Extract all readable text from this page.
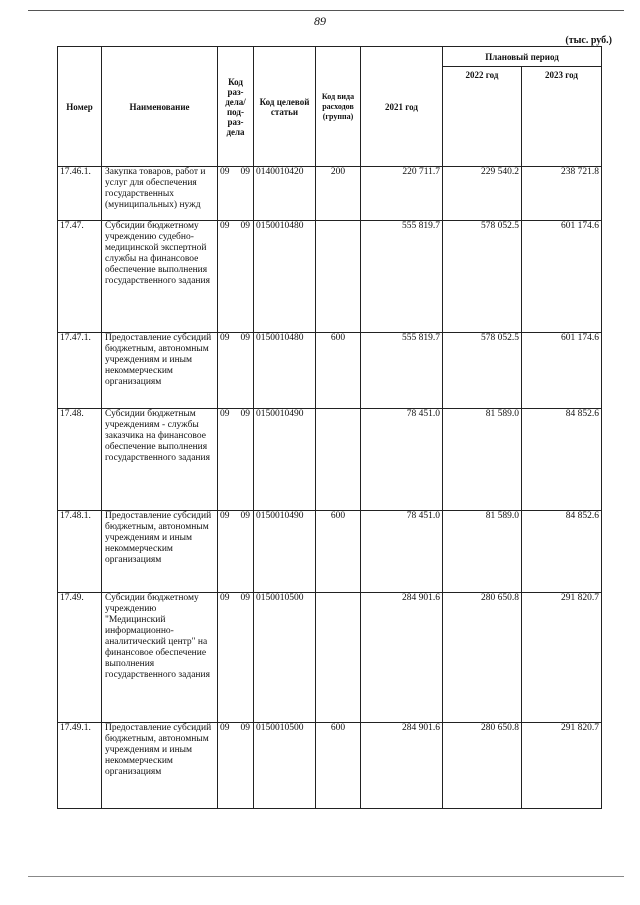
89
(тыс. руб.)
Номер	Наименование	Код раз-дела/ под-раз-дела	Код целевой статьи	Код вида расходов (группа)	2021 год	Плановый период	
						2022 год	2023 год
17.46.1.	Закупка товаров, работ и услуг для обеспечения государственных (муниципальных) нужд	09 09	0140010420	200	220 711.7	229 540.2	238 721.8
17.47.	Субсидии бюджетному учреждению судебно-медицинской экспертной службы на финансовое обеспечение выполнения государственного задания	09 09	0150010480		555 819.7	578 052.5	601 174.6
17.47.1.	Предоставление субсидий бюджетным, автономным учреждениям и иным некоммерческим организациям	09 09	0150010480	600	555 819.7	578 052.5	601 174.6
17.48.	Субсидии бюджетным учреждениям - службы заказчика на финансовое обеспечение выполнения государственного задания	09 09	0150010490		78 451.0	81 589.0	84 852.6
17.48.1.	Предоставление субсидий бюджетным, автономным учреждениям и иным некоммерческим организациям	09 09	0150010490	600	78 451.0	81 589.0	84 852.6
17.49.	Субсидии бюджетному учреждению "Медицинский информационно-аналитический центр" на финансовое обеспечение выполнения государственного задания	09 09	0150010500		284 901.6	280 650.8	291 820.7
17.49.1.	Предоставление субсидий бюджетным, автономным учреждениям и иным некоммерческим организациям	09 09	0150010500	600	284 901.6	280 650.8	291 820.7
